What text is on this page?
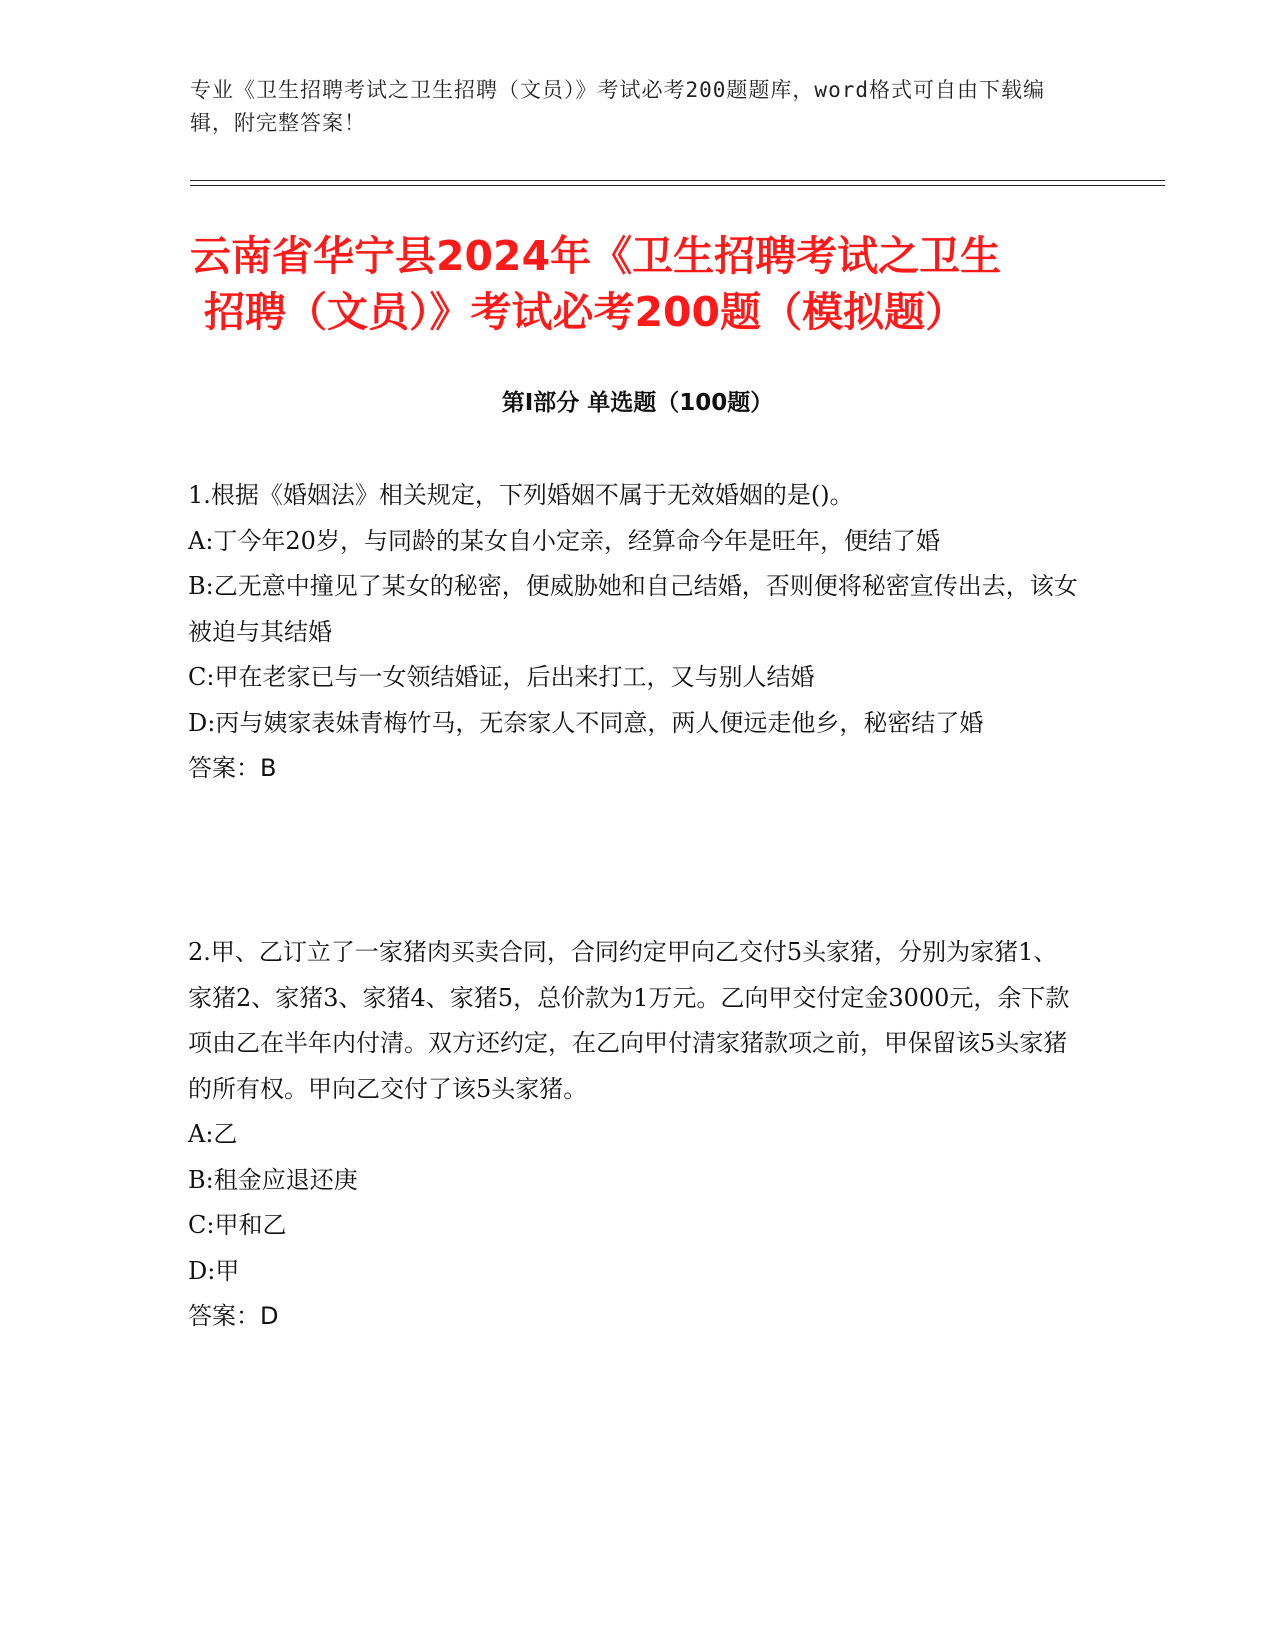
专业《卫生招聘考试之卫生招聘（文员）》考试必考200题题库，word格式可自由下载编辑，附完整答案！
云南省华宁县2024年《卫生招聘考试之卫生
招聘（文员）》考试必考200题（模拟题）
第Ⅰ部分 单选题（100题）

1.根据《婚姻法》相关规定，下列婚姻不属于无效婚姻的是()。

A:丁今年20岁，与同龄的某女自小定亲，经算命今年是旺年，便结了婚

B:乙无意中撞见了某女的秘密，便威胁她和自己结婚，否则便将秘密宣传出去，该女被迫与其结婚

C:甲在老家已与一女领结婚证，后出来打工，又与别人结婚

D:丙与姨家表妹青梅竹马，无奈家人不同意，两人便远走他乡，秘密结了婚

答案：B

2.甲、乙订立了一家猪肉买卖合同，合同约定甲向乙交付5头家猪，分别为家猪1、家猪2、家猪3、家猪4、家猪5，总价款为1万元。乙向甲交付定金3000元，余下款项由乙在半年内付清。双方还约定，在乙向甲付清家猪款项之前，甲保留该5头家猪的所有权。甲向乙交付了该5头家猪。

A:乙

B:租金应退还庚

C:甲和乙

D:甲

答案：D
